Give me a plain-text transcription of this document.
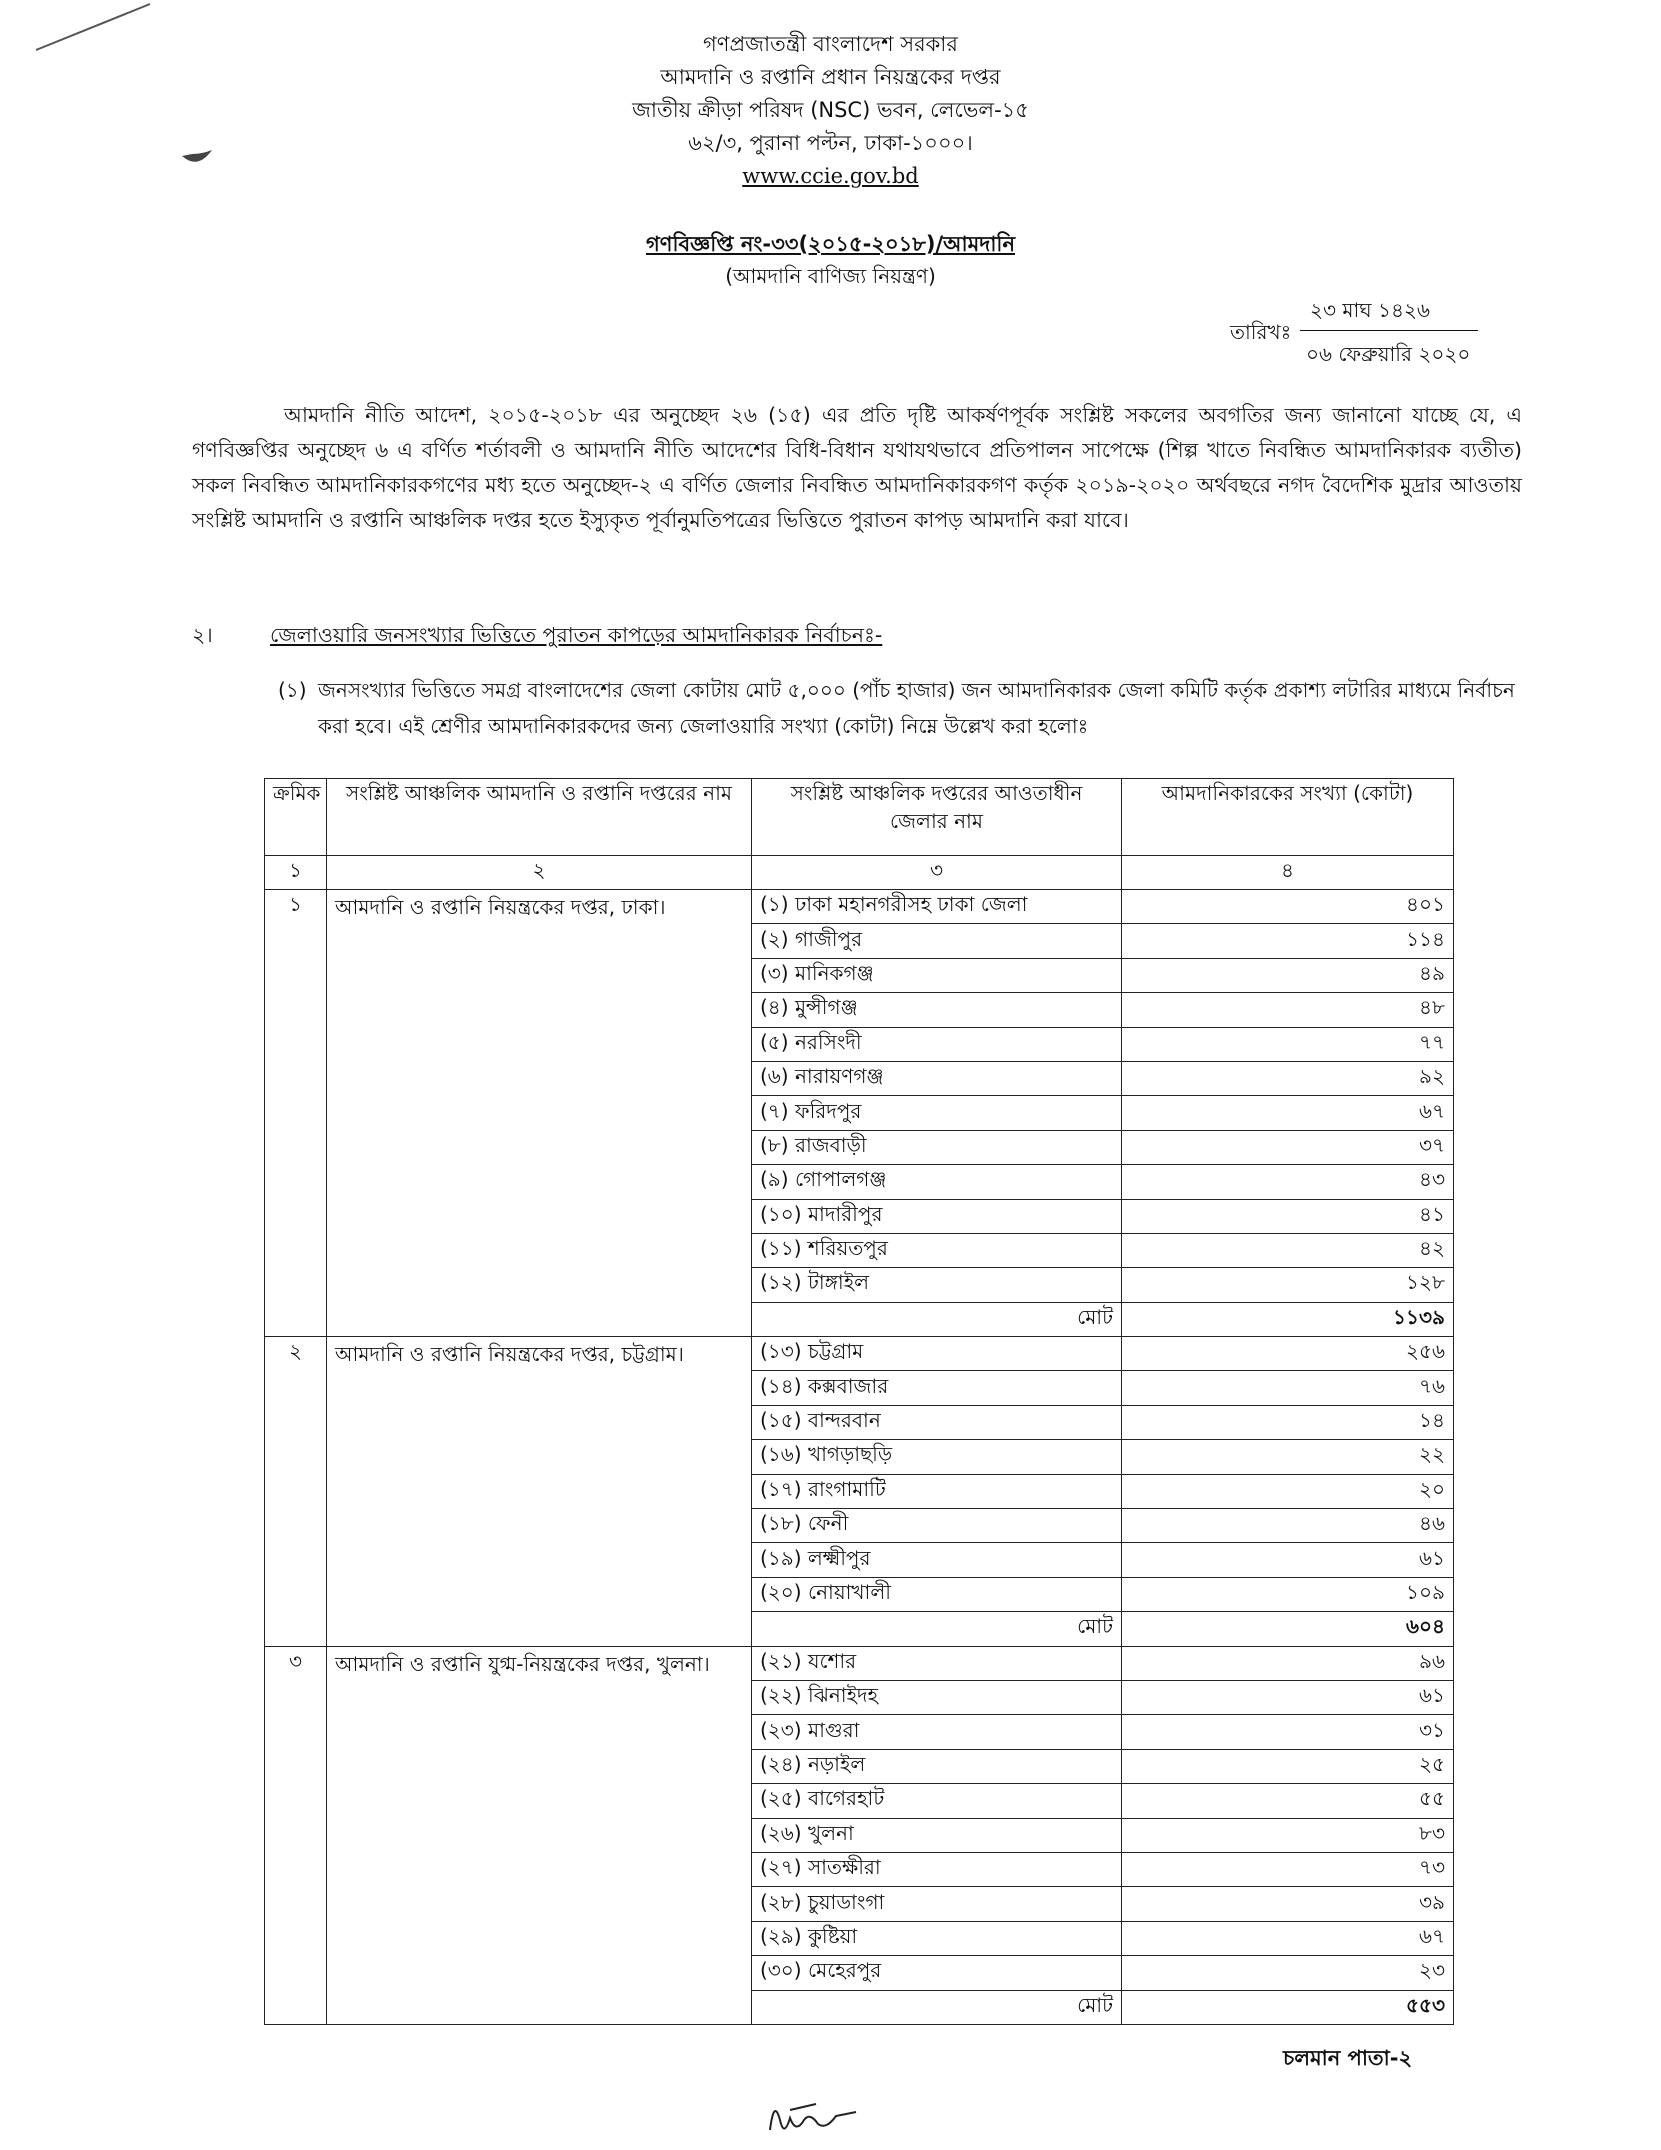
গণপ্রজাতন্ত্রী বাংলাদেশ সরকার
আমদানি ও রপ্তানি প্রধান নিয়ন্ত্রকের দপ্তর
জাতীয় ক্রীড়া পরিষদ (NSC) ভবন, লেভেল-১৫
৬২/৩, পুরানা পল্টন, ঢাকা-১০০০।
www.ccie.gov.bd
গণবিজ্ঞপ্তি নং-৩৩(২০১৫-২০১৮)/আমদানি
(আমদানি বাণিজ্য নিয়ন্ত্রণ)
২৩ মাঘ ১৪২৬
তারিখঃ
০৬ ফেব্রুয়ারি ২০২০
আমদানি নীতি আদেশ, ২০১৫-২০১৮ এর অনুচ্ছেদ ২৬ (১৫) এর প্রতি দৃষ্টি আকর্ষণপূর্বক সংশ্লিষ্ট সকলের অবগতির জন্য জানানো যাচ্ছে যে, এ গণবিজ্ঞপ্তির অনুচ্ছেদ ৬ এ বর্ণিত শর্তাবলী ও আমদানি নীতি আদেশের বিধি-বিধান যথাযথভাবে প্রতিপালন সাপেক্ষে (শিল্প খাতে নিবন্ধিত আমদানিকারক ব্যতীত) সকল নিবন্ধিত আমদানিকারকগণের মধ্য হতে অনুচ্ছেদ-২ এ বর্ণিত জেলার নিবন্ধিত আমদানিকারকগণ কর্তৃক ২০১৯-২০২০ অর্থবছরে নগদ বৈদেশিক মুদ্রার আওতায় সংশ্লিষ্ট আমদানি ও রপ্তানি আঞ্চলিক দপ্তর হতে ইস্যুকৃত পূর্বানুমতিপত্রের ভিত্তিতে পুরাতন কাপড় আমদানি করা যাবে।
২।	জেলাওয়ারি জনসংখ্যার ভিত্তিতে পুরাতন কাপড়ের আমদানিকারক নির্বাচনঃ-
(১) জনসংখ্যার ভিত্তিতে সমগ্র বাংলাদেশের জেলা কোটায় মোট ৫,০০০ (পাঁচ হাজার) জন আমদানিকারক জেলা কমিটি কর্তৃক প্রকাশ্য লটারির মাধ্যমে নির্বাচন করা হবে। এই শ্রেণীর আমদানিকারকদের জন্য জেলাওয়ারি সংখ্যা (কোটা) নিম্নে উল্লেখ করা হলোঃ
ক্রমিক	সংশ্লিষ্ট আঞ্চলিক আমদানি ও রপ্তানি দপ্তরের নাম	সংশ্লিষ্ট আঞ্চলিক দপ্তরের আওতাধীন জেলার নাম	আমদানিকারকের সংখ্যা (কোটা)
১	২	৩	৪
১	আমদানি ও রপ্তানি নিয়ন্ত্রকের দপ্তর, ঢাকা।	(১) ঢাকা মহানগরীসহ ঢাকা জেলা	৪০১
		(২) গাজীপুর	১১৪
		(৩) মানিকগঞ্জ	৪৯
		(৪) মুন্সীগঞ্জ	৪৮
		(৫) নরসিংদী	৭৭
		(৬) নারায়ণগঞ্জ	৯২
		(৭) ফরিদপুর	৬৭
		(৮) রাজবাড়ী	৩৭
		(৯) গোপালগঞ্জ	৪৩
		(১০) মাদারীপুর	৪১
		(১১) শরিয়তপুর	৪২
		(১২) টাঙ্গাইল	১২৮
		মোট	১১৩৯
২	আমদানি ও রপ্তানি নিয়ন্ত্রকের দপ্তর, চট্টগ্রাম।	(১৩) চট্টগ্রাম	২৫৬
		(১৪) কক্সবাজার	৭৬
		(১৫) বান্দরবান	১৪
		(১৬) খাগড়াছড়ি	২২
		(১৭) রাংগামাটি	২০
		(১৮) ফেনী	৪৬
		(১৯) লক্ষ্মীপুর	৬১
		(২০) নোয়াখালী	১০৯
		মোট	৬০৪
৩	আমদানি ও রপ্তানি যুগ্ম-নিয়ন্ত্রকের দপ্তর, খুলনা।	(২১) যশোর	৯৬
		(২২) ঝিনাইদহ	৬১
		(২৩) মাগুরা	৩১
		(২৪) নড়াইল	২৫
		(২৫) বাগেরহাট	৫৫
		(২৬) খুলনা	৮৩
		(২৭) সাতক্ষীরা	৭৩
		(২৮) চুয়াডাংগা	৩৯
		(২৯) কুষ্টিয়া	৬৭
		(৩০) মেহেরপুর	২৩
		মোট	৫৫৩
চলমান পাতা-২
